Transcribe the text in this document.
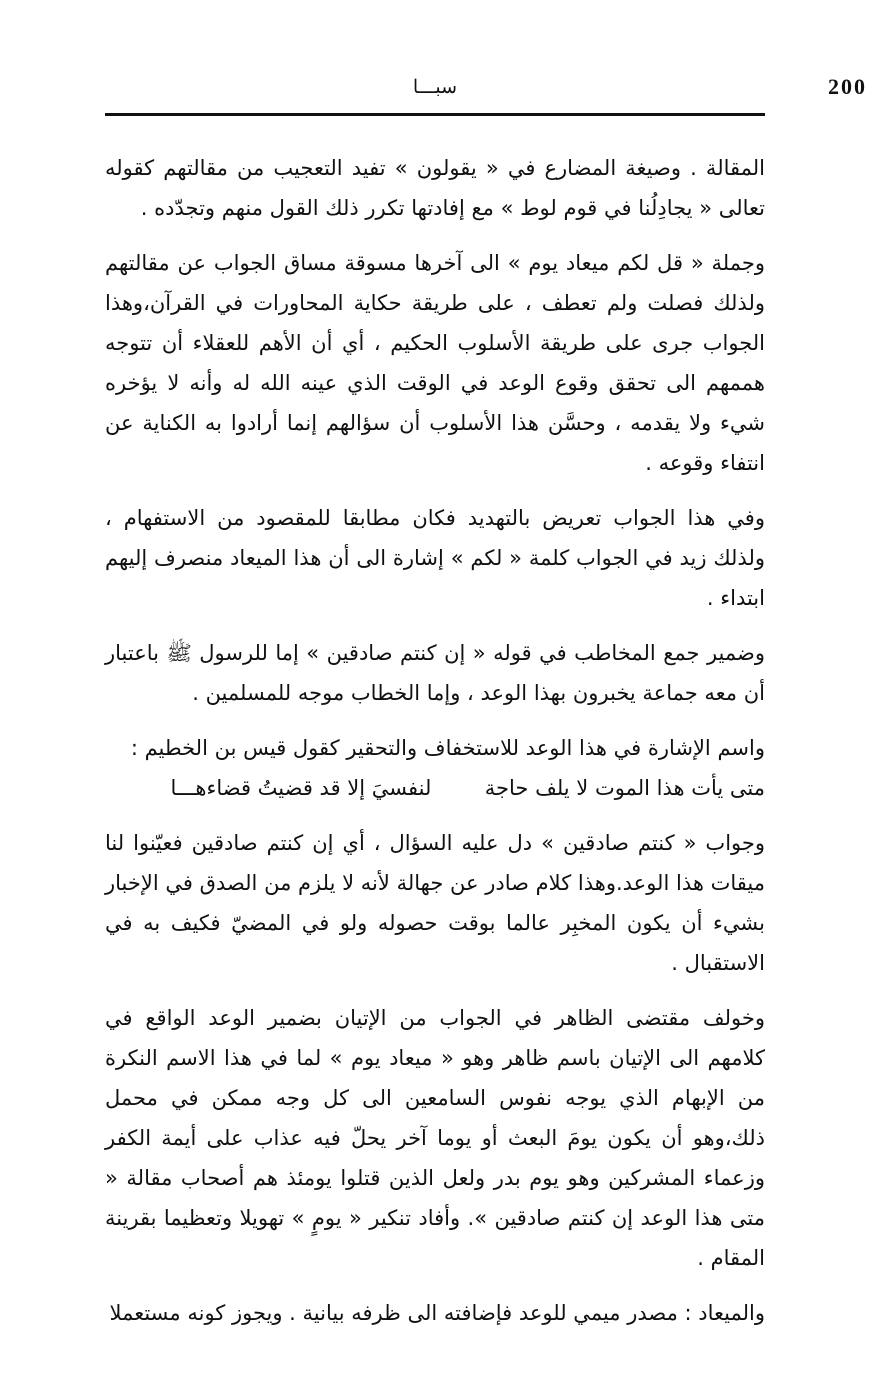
200
سبـــا

المقالة . وصيغة المضارع في « يقولون » تفيد التعجيب من مقالتهم كقوله تعالى « يجادِلُنا في قوم لوط » مع إفادتها تكرر ذلك القول منهم وتجدّده .

وجملة « قل لكم ميعاد يوم » الى آخرها مسوقة مساق الجواب عن مقالتهم ولذلك فصلت ولم تعطف ، على طريقة حكاية المحاورات في القرآن،وهذا الجواب جرى على طريقة الأسلوب الحكيم ، أي أن الأهم للعقلاء أن تتوجه هممهم الى تحقق وقوع الوعد في الوقت الذي عينه الله له وأنه لا يؤخره شيء ولا يقدمه ، وحسَّن هذا الأسلوب أن سؤالهم إنما أرادوا به الكناية عن انتفاء وقوعه .

وفي هذا الجواب تعريض بالتهديد فكان مطابقا للمقصود من الاستفهام ، ولذلك زيد في الجواب كلمة « لكم » إشارة الى أن هذا الميعاد منصرف إليهم ابتداء .

وضمير جمع المخاطب في قوله « إن كنتم صادقين » إما للرسول ﷺ باعتبار أن معه جماعة يخبرون بهذا الوعد ، وإما الخطاب موجه للمسلمين .

واسم الإشارة في هذا الوعد للاستخفاف والتحقير كقول قيس بن الخطيم :
متى يأت هذا الموت لا يلف حاجة        لنفسيَ إلا قد قضيتُ قضاءهـــا

وجواب « كنتم صادقين » دل عليه السؤال ، أي إن كنتم صادقين فعيّنوا لنا ميقات هذا الوعد.وهذا كلام صادر عن جهالة لأنه لا يلزم من الصدق في الإخبار بشيء أن يكون المخبِر عالما بوقت حصوله ولو في المضيّ فكيف به في الاستقبال .

وخولف مقتضى الظاهر في الجواب من الإتيان بضمير الوعد الواقع في كلامهم الى الإتيان باسم ظاهر وهو « ميعاد يوم » لما في هذا الاسم النكرة من الإبهام الذي يوجه نفوس السامعين الى كل وجه ممكن في محمل ذلك،وهو أن يكون يومَ البعث أو يوما آخر يحلّ فيه عذاب على أيمة الكفر وزعماء المشركين وهو يوم بدر ولعل الذين قتلوا يومئذ هم أصحاب مقالة « متى هذا الوعد إن كنتم صادقين ». وأفاد تنكير « يومٍ » تهويلا وتعظيما بقرينة المقام .

والميعاد : مصدر ميمي للوعد فإضافته الى ظرفه بيانية . ويجوز كونه مستعملا
